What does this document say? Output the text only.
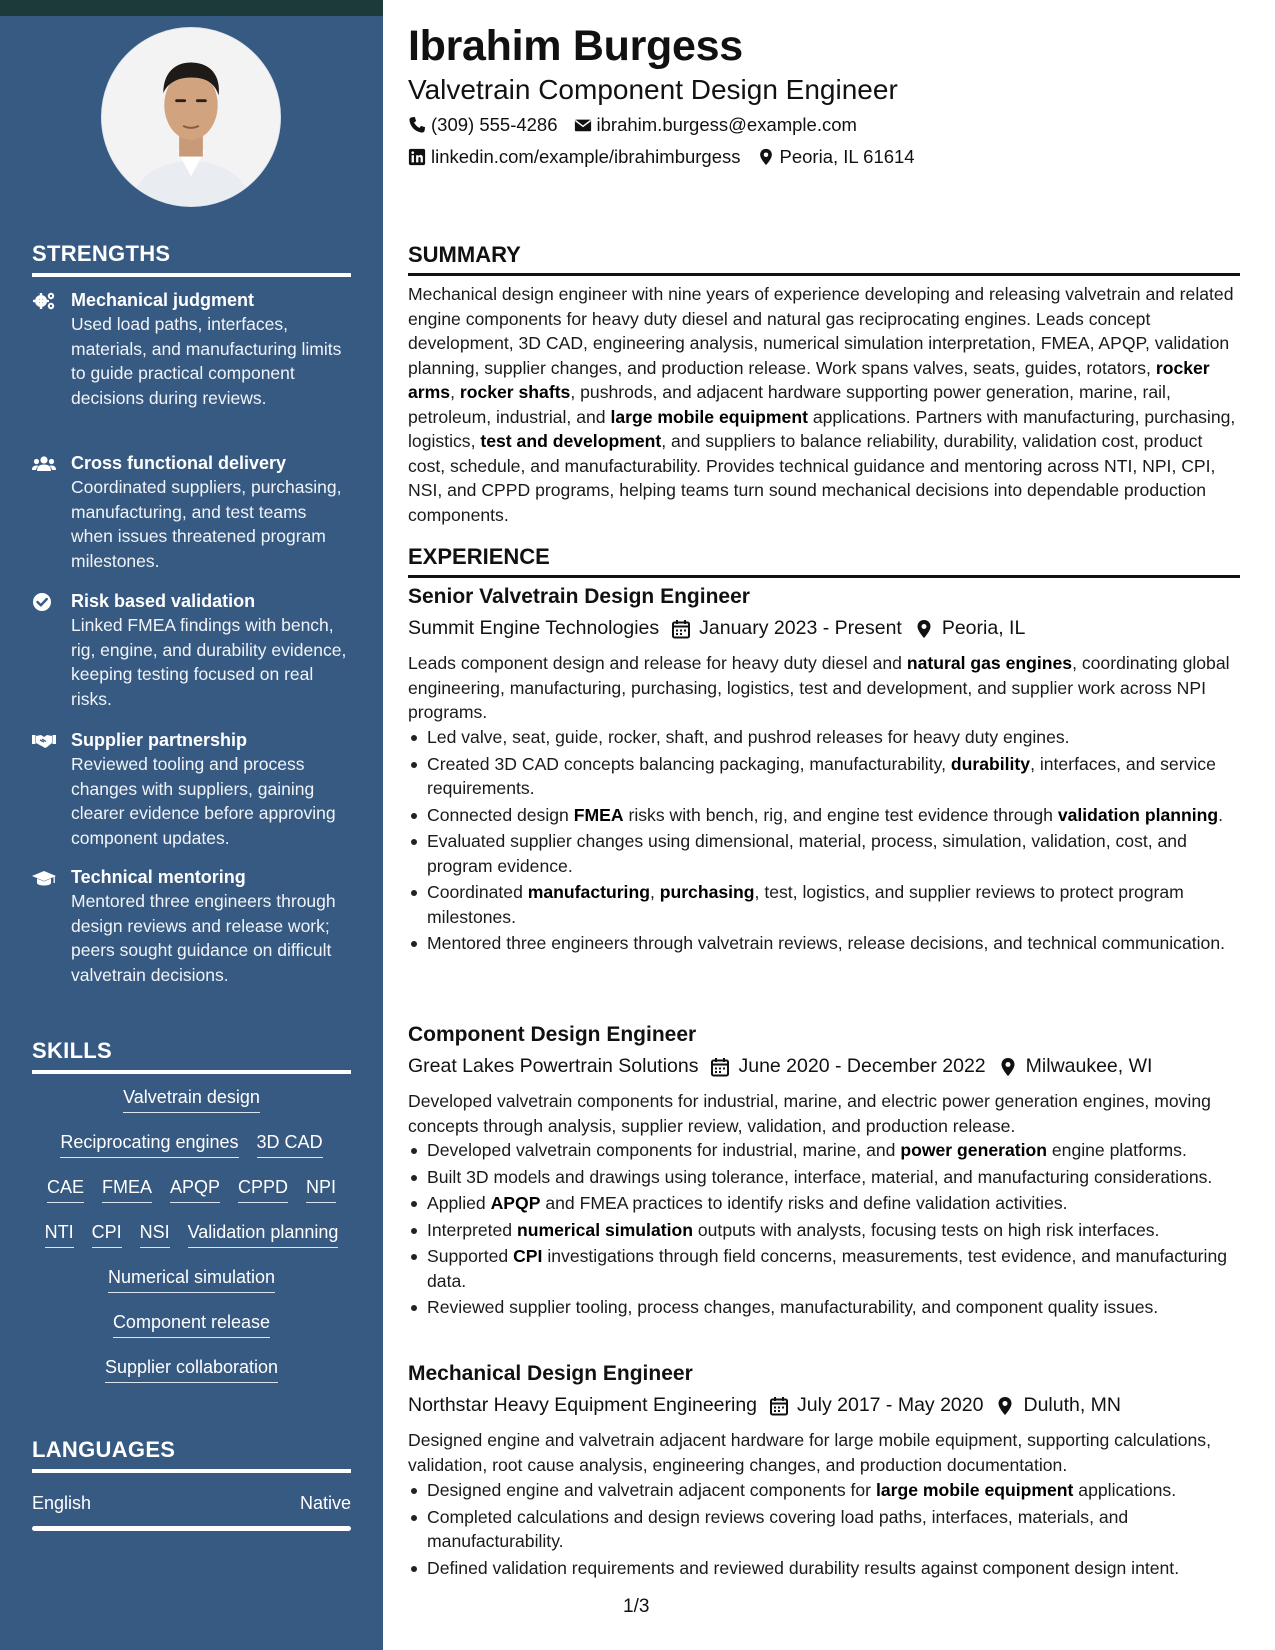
STRENGTHS
Mechanical judgment
Used load paths, interfaces, materials, and manufacturing limits to guide practical component decisions during reviews.
Cross functional delivery
Coordinated suppliers, purchasing, manufacturing, and test teams when issues threatened program milestones.
Risk based validation
Linked FMEA findings with bench, rig, engine, and durability evidence, keeping testing focused on real risks.
Supplier partnership
Reviewed tooling and process changes with suppliers, gaining clearer evidence before approving component updates.
Technical mentoring
Mentored three engineers through design reviews and release work; peers sought guidance on difficult valvetrain decisions.
SKILLS
Valvetrain design
Reciprocating engines 3D CAD
CAE FMEA APQP CPPD NPI
NTI CPI NSI Validation planning
Numerical simulation
Component release
Supplier collaboration
LANGUAGES
English	Native
Ibrahim Burgess
Valvetrain Component Design Engineer
(309) 555-4286 ibrahim.burgess@example.com
linkedin.com/example/ibrahimburgess Peoria, IL 61614
SUMMARY
Mechanical design engineer with nine years of experience developing and releasing valvetrain and related engine components for heavy duty diesel and natural gas reciprocating engines. Leads concept development, 3D CAD, engineering analysis, numerical simulation interpretation, FMEA, APQP, validation planning, supplier changes, and production release. Work spans valves, seats, guides, rotators, rocker arms, rocker shafts, pushrods, and adjacent hardware supporting power generation, marine, rail, petroleum, industrial, and large mobile equipment applications. Partners with manufacturing, purchasing, logistics, test and development, and suppliers to balance reliability, durability, validation cost, product cost, schedule, and manufacturability. Provides technical guidance and mentoring across NTI, NPI, CPI, NSI, and CPPD programs, helping teams turn sound mechanical decisions into dependable production components.
EXPERIENCE
Senior Valvetrain Design Engineer
Summit Engine Technologies January 2023 - Present Peoria, IL
Leads component design and release for heavy duty diesel and natural gas engines, coordinating global engineering, manufacturing, purchasing, logistics, test and development, and supplier work across NPI programs.
Led valve, seat, guide, rocker, shaft, and pushrod releases for heavy duty engines.
Created 3D CAD concepts balancing packaging, manufacturability, durability, interfaces, and service requirements.
Connected design FMEA risks with bench, rig, and engine test evidence through validation planning.
Evaluated supplier changes using dimensional, material, process, simulation, validation, cost, and program evidence.
Coordinated manufacturing, purchasing, test, logistics, and supplier reviews to protect program milestones.
Mentored three engineers through valvetrain reviews, release decisions, and technical communication.
Component Design Engineer
Great Lakes Powertrain Solutions June 2020 - December 2022 Milwaukee, WI
Developed valvetrain components for industrial, marine, and electric power generation engines, moving concepts through analysis, supplier review, validation, and production release.
Developed valvetrain components for industrial, marine, and power generation engine platforms.
Built 3D models and drawings using tolerance, interface, material, and manufacturing considerations.
Applied APQP and FMEA practices to identify risks and define validation activities.
Interpreted numerical simulation outputs with analysts, focusing tests on high risk interfaces.
Supported CPI investigations through field concerns, measurements, test evidence, and manufacturing data.
Reviewed supplier tooling, process changes, manufacturability, and component quality issues.
Mechanical Design Engineer
Northstar Heavy Equipment Engineering July 2017 - May 2020 Duluth, MN
Designed engine and valvetrain adjacent hardware for large mobile equipment, supporting calculations, validation, root cause analysis, engineering changes, and production documentation.
Designed engine and valvetrain adjacent components for large mobile equipment applications.
Completed calculations and design reviews covering load paths, interfaces, materials, and manufacturability.
Defined validation requirements and reviewed durability results against component design intent.
1/3
